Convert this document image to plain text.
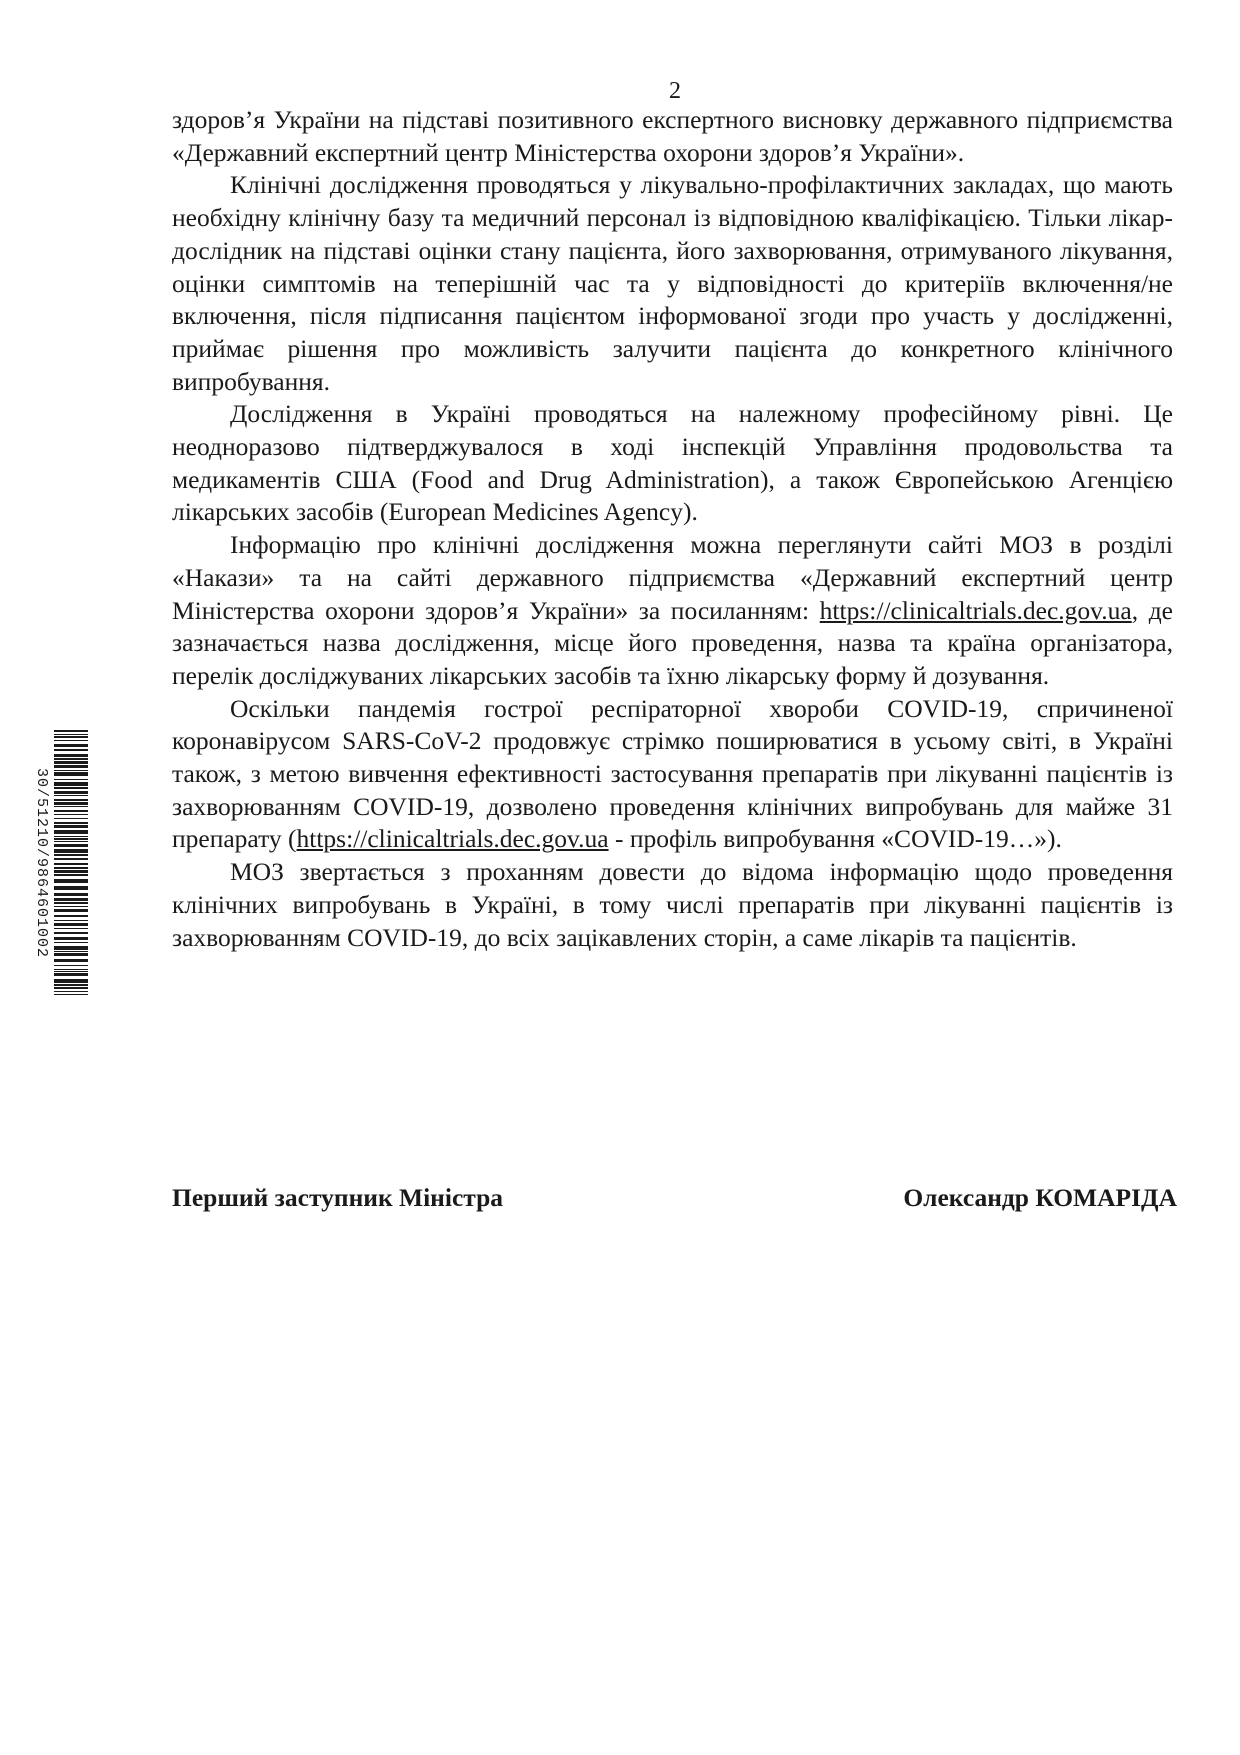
2

здоров’я України на підставі позитивного експертного висновку державного підприємства «Державний експертний центр Міністерства охорони здоров’я України».

Клінічні дослідження проводяться у лікувально-профілактичних закладах, що мають необхідну клінічну базу та медичний персонал із відповідною кваліфікацією. Тільки лікар-дослідник на підставі оцінки стану пацієнта, його захворювання, отримуваного лікування, оцінки симптомів на теперішній час та у відповідності до критеріїв включення/не включення, після підписання пацієнтом інформованої згоди про участь у дослідженні, приймає рішення про можливість залучити пацієнта до конкретного клінічного випробування.

Дослідження в Україні проводяться на належному професійному рівні. Це неодноразово підтверджувалося в ході інспекцій Управління продовольства та медикаментів США (Food and Drug Administration), а також Європейською Агенцією лікарських засобів (European Medicines Agency).

Інформацію про клінічні дослідження можна переглянути сайті МОЗ в розділі «Накази» та на сайті державного підприємства «Державний експертний центр Міністерства охорони здоров’я України» за посиланням: https://clinicaltrials.dec.gov.ua, де зазначається назва дослідження, місце його проведення, назва та країна організатора, перелік досліджуваних лікарських засобів та їхню лікарську форму й дозування.

Оскільки пандемія гострої респіраторної хвороби COVID-19, спричиненої коронавірусом SARS-CoV-2 продовжує стрімко поширюватися в усьому світі, в Україні також, з метою вивчення ефективності застосування препаратів при лікуванні пацієнтів із захворюванням COVID-19, дозволено проведення клінічних випробувань для майже 31 препарату (https://clinicaltrials.dec.gov.ua - профіль випробування «COVID-19…»).

МОЗ звертається з проханням довести до відома інформацію щодо проведення клінічних випробувань в Україні, в тому числі препаратів при лікуванні пацієнтів із захворюванням COVID-19, до всіх зацікавлених сторін, а саме лікарів та пацієнтів.

Перший заступник Міністра	Олександр КОМАРІДА
30/51210/9864601002
